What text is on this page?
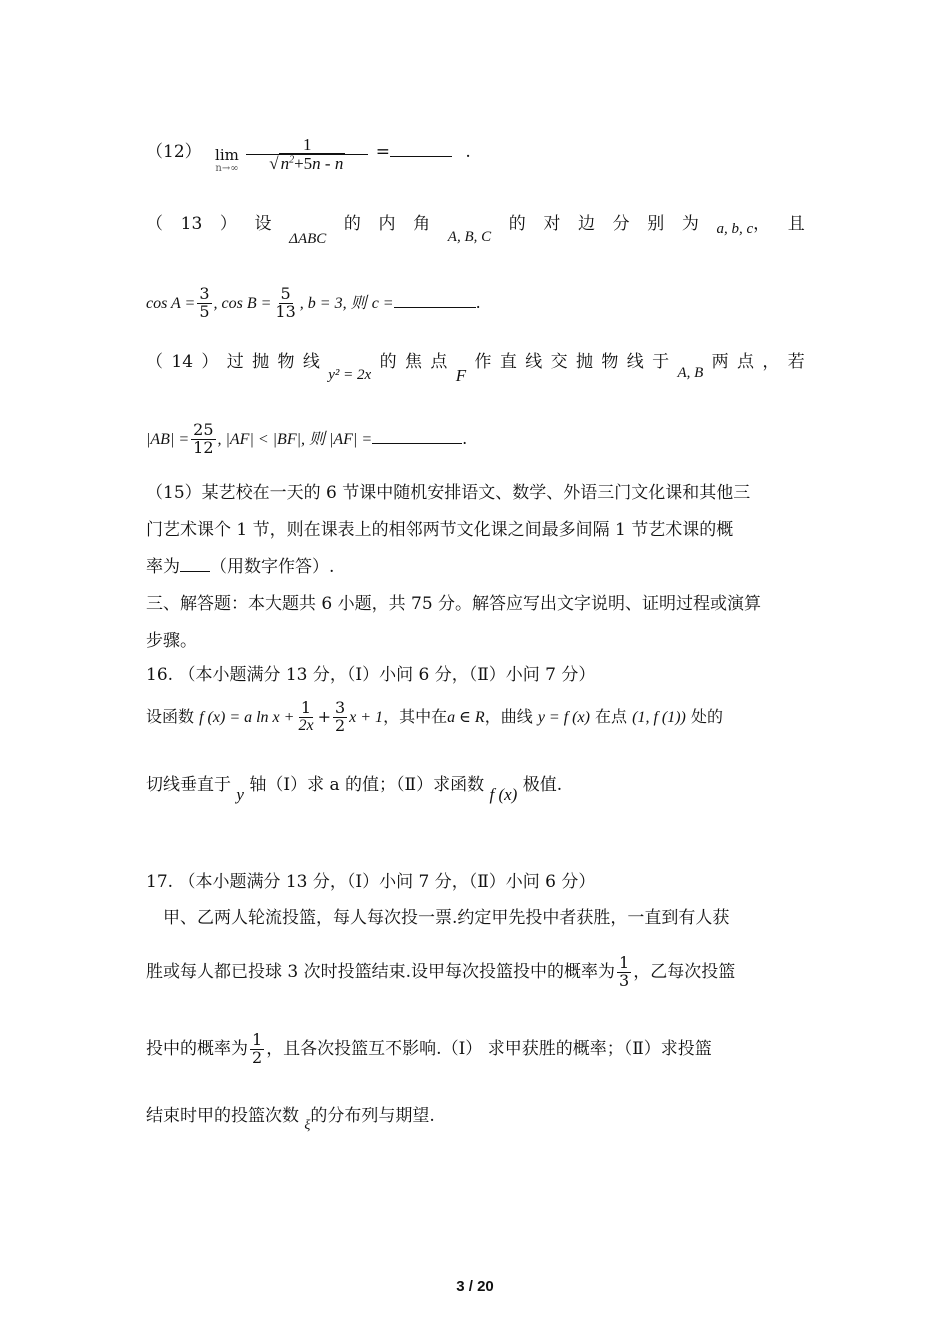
（12） lim
n→∞
$\frac{1}{√ n^2+5n - n}$ =	.
（ 13 ） 设
ΔABC
的 内 角
A, B, C
的 对 边 分 别 为 a, b, c， 且
$\cos A = \frac{3}{5}$ , $\cos B = \frac{5}{13}$ , b = 3, 则 c =	.
（ 14 ） 过 抛 物 线
y² = 2x
的 焦 点
F
作 直 线 交 抛 物 线 于
A, B
两 点 ， 若
$|AB| = \frac{25}{12}$ , |AF| < |BF|, 则 |AF| =	.
（15）某艺校在一天的 6 节课中随机安排语文、数学、外语三门文化课和其他三
门艺术课个 1 节，则在课表上的相邻两节文化课之间最多间隔 1 节艺术课的概
率为 （用数字作答）.
三、解答题：本大题共 6 小题，共 75 分。解答应写出文字说明、证明过程或演算
步骤。
16. （本小题满分 13 分，（Ⅰ）小问 6 分，（Ⅱ）小问 7 分）
设函数 f (x) = a $\ln x + \frac{1}{2x} + \frac{3}{2}$ x + 1，其中在a ∈ R，曲线 y = f (x) 在点 (1, f (1)) 处的
切线垂直于 y 轴（Ⅰ）求 a 的值；（Ⅱ）求函数 f (x) 极值.
17. （本小题满分 13 分，（Ⅰ）小问 7 分，（Ⅱ）小问 6 分）
甲、乙两人轮流投篮，每人每次投一票.约定甲先投中者获胜，一直到有人获
胜或每人都已投球 3 次时投篮结束.设甲每次投篮投中的概率为 $\frac{1}{3}$ ，乙每次投篮
投中的概率为 $\frac{1}{2}$ ，且各次投篮互不影响.（Ⅰ） 求甲获胜的概率；（Ⅱ）求投篮
结束时甲的投篮次数 $_\xi$的分布列与期望.
3 / 20
